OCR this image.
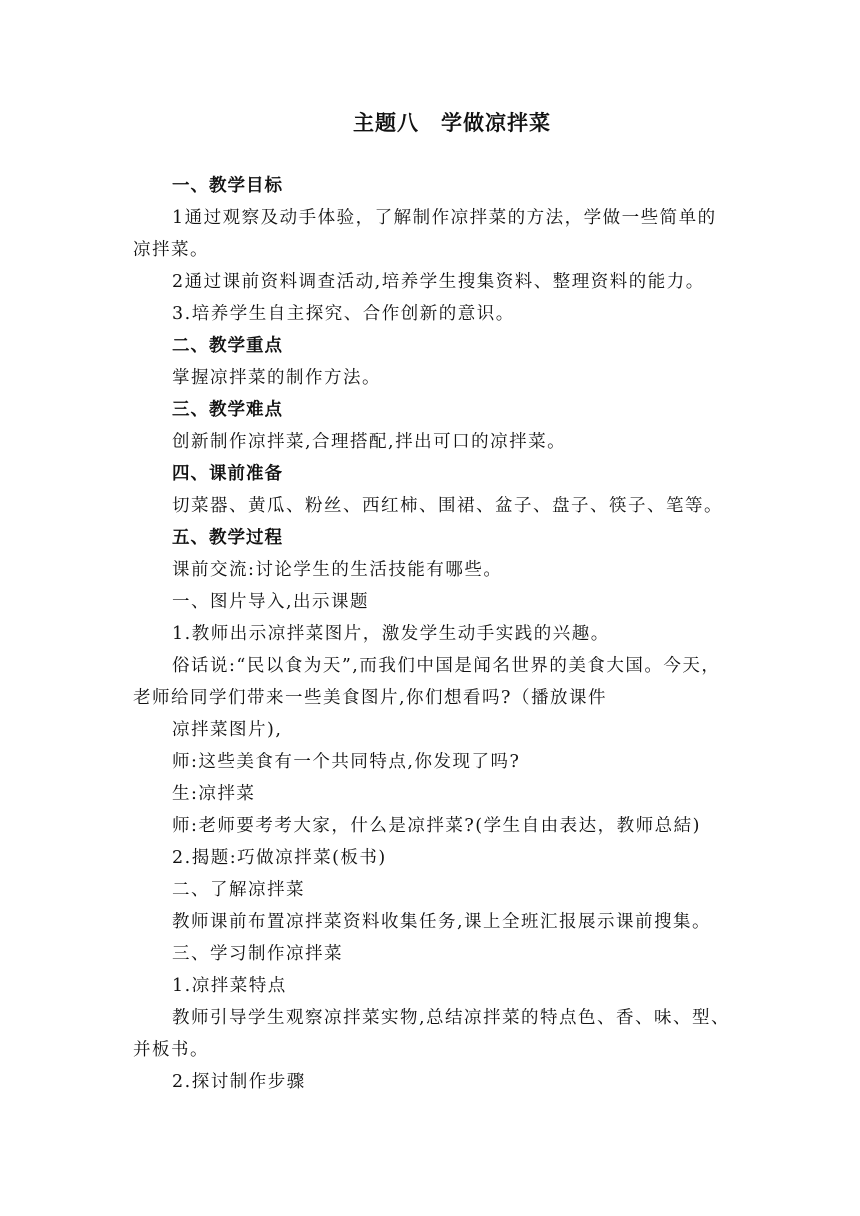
主题八　学做凉拌菜

一、教学目标

1通过观察及动手体验，了解制作凉拌菜的方法，学做一些简单的凉拌菜。

2通过课前资料调查活动,培养学生搜集资料、整理资料的能力。

3.培养学生自主探究、合作创新的意识。

二、教学重点

掌握凉拌菜的制作方法。

三、教学难点

创新制作凉拌菜,合理搭配,拌出可口的凉拌菜。

四、课前准备

切菜器、黄瓜、粉丝、西红柿、围裙、盆子、盘子、筷子、笔等。

五、教学过程

课前交流:讨论学生的生活技能有哪些。

一、图片导入,出示课题

1.教师出示凉拌菜图片，激发学生动手实践的兴趣。

俗话说:“民以食为天”,而我们中国是闻名世界的美食大国。今天，老师给同学们带来一些美食图片,你们想看吗?（播放课件

凉拌菜图片),

师:这些美食有一个共同特点,你发现了吗?

生:凉拌菜

师:老师要考考大家，什么是凉拌菜?(学生自由表达，教师总結)

2.揭题:巧做凉拌菜(板书)

二、了解凉拌菜

教师课前布置凉拌菜资料收集任务,课上全班汇报展示课前搜集。

三、学习制作凉拌菜

1.凉拌菜特点

教师引导学生观察凉拌菜实物,总结凉拌菜的特点色、香、味、型、并板书。

2.探讨制作步骤
